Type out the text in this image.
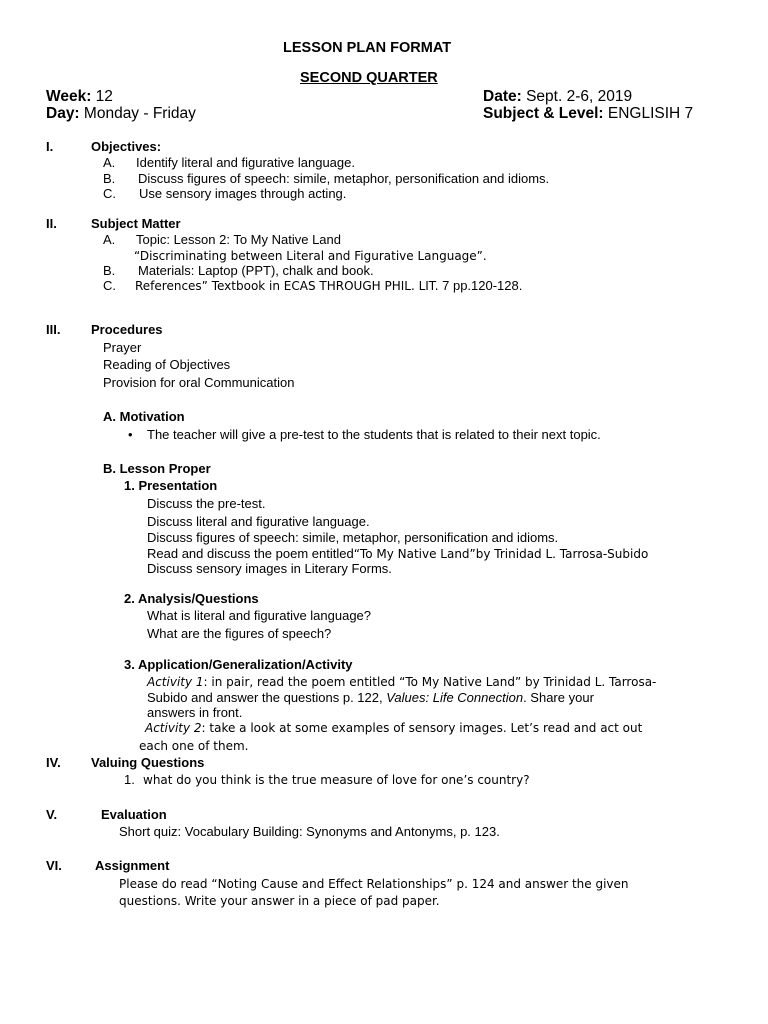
LESSON PLAN FORMAT
SECOND QUARTER
Week: 12
Day: Monday - Friday
Date: Sept. 2-6, 2019
Subject & Level: ENGLISIH 7
I.	Objectives:
A. Identify literal and figurative language.
B. Discuss figures of speech: simile, metaphor, personification and idioms.
C. Use sensory images through acting.
II.	Subject Matter
A. Topic: Lesson 2: To My Native Land
“Discriminating between Literal and Figurative Language”.
B. Materials: Laptop (PPT), chalk and book.
C. References” Textbook in ECAS THROUGH PHIL. LIT. 7 pp.120-128.
III. Procedures
Prayer
Reading of Objectives
Provision for oral Communication
A. Motivation
• The teacher will give a pre-test to the students that is related to their next topic.
B. Lesson Proper
1. Presentation
Discuss the pre-test.
Discuss literal and figurative language.
Discuss figures of speech: simile, metaphor, personification and idioms.
Read and discuss the poem entitled“To My Native Land”by Trinidad L. Tarrosa-Subido
Discuss sensory images in Literary Forms.
2. Analysis/Questions
What is literal and figurative language?
What are the figures of speech?
3. Application/Generalization/Activity
Activity 1: in pair, read the poem entitled “To My Native Land” by Trinidad L. Tarrosa-
Subido and answer the questions p. 122, Values: Life Connection. Share your
answers in front.
Activity 2: take a look at some examples of sensory images. Let’s read and act out
each one of them.
IV. Valuing Questions
1. what do you think is the true measure of love for one’s country?
V.	Evaluation
Short quiz: Vocabulary Building: Synonyms and Antonyms, p. 123.
VI.	Assignment
Please do read “Noting Cause and Effect Relationships” p. 124 and answer the given
questions. Write your answer in a piece of pad paper.
